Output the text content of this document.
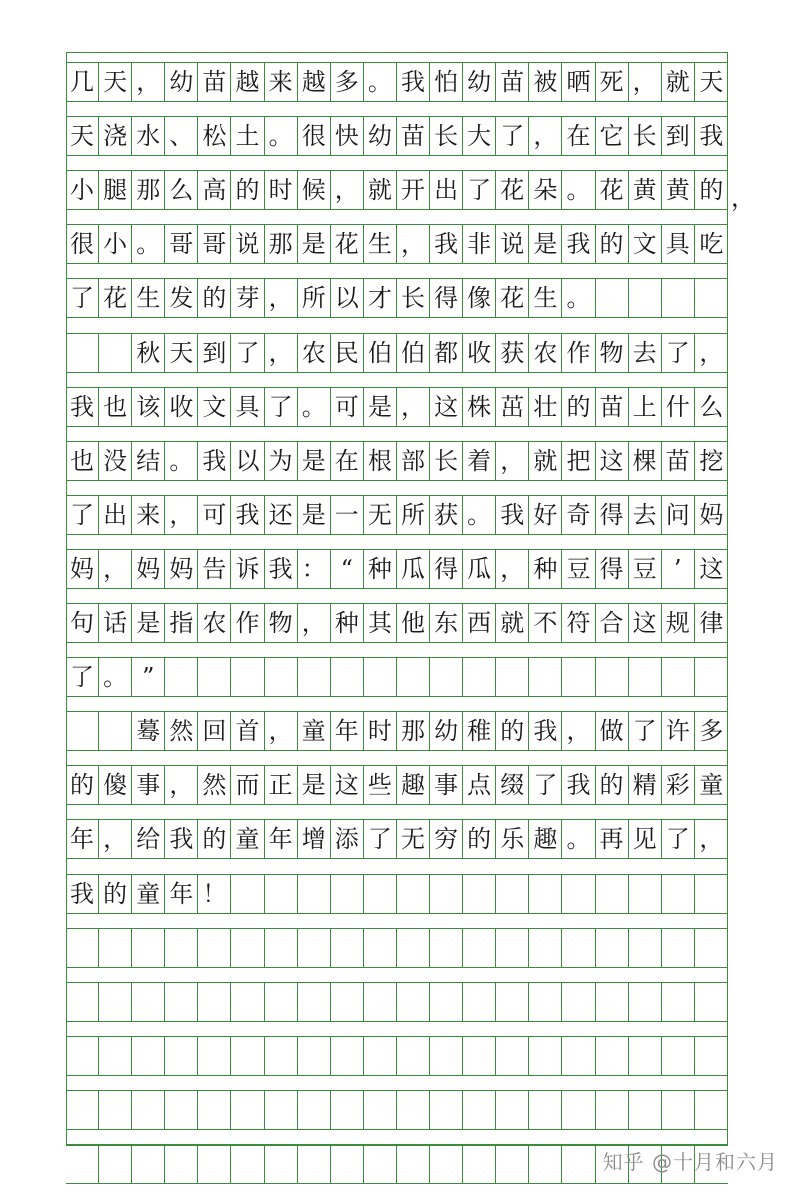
几 天 ， 幼 苗 越 来 越 多 。 我 怕 幼 苗 被 晒 死 ， 就 天
天 浇 水 、 松 土 。 很 快 幼 苗 长 大 了 ， 在 它 长 到 我
小 腿 那 么 高 的 时 候 ， 就 开 出 了 花 朵 。 花 黄 黄 的
很 小 。 哥 哥 说 那 是 花 生 ， 我 非 说 是 我 的 文 具 吃
了 花 生 发 的 芽 ， 所 以 才 长 得 像 花 生 。
秋 天 到 了 ， 农 民 伯 伯 都 收 获 农 作 物 去 了 ，
我 也 该 收 文 具 了 。 可 是 ， 这 株 茁 壮 的 苗 上 什 么
也 没 结 。 我 以 为 是 在 根 部 长 着 ， 就 把 这 棵 苗 挖
了 出 来 ， 可 我 还 是 一 无 所 获 。 我 好 奇 得 去 问 妈
妈 ， 妈 妈 告 诉 我 ： “ 种 瓜 得 瓜 ， 种 豆 得 豆 ’ 这
句 话 是 指 农 作 物 ， 种 其 他 东 西 就 不 符 合 这 规 律
了 。 ”
蓦 然 回 首 ， 童 年 时 那 幼 稚 的 我 ， 做 了 许 多
的 傻 事 ， 然 而 正 是 这 些 趣 事 点 缀 了 我 的 精 彩 童
年 ， 给 我 的 童 年 增 添 了 无 穷 的 乐 趣 。 再 见 了 ，
我 的 童 年 ！
，
知乎 @十月和六月
